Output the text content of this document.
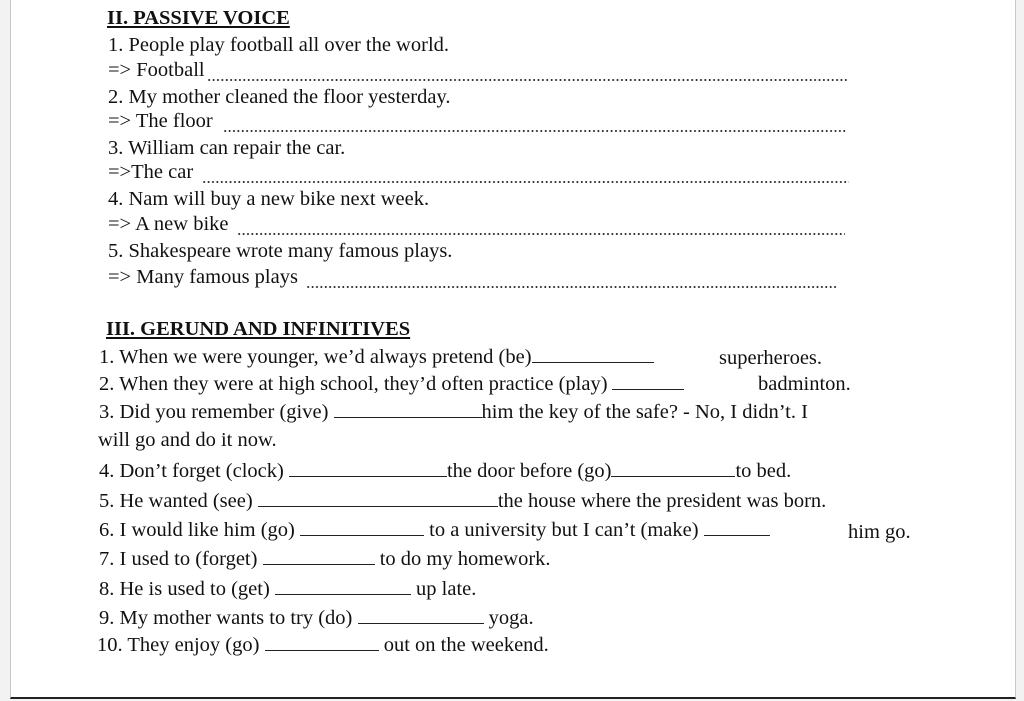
II. PASSIVE VOICE
1. People play football all over the world.
=> Football
2. My mother cleaned the floor yesterday.
=> The floor
3. William can repair the car.
=>The car
4. Nam will buy a new bike next week.
=> A new bike
5. Shakespeare wrote many famous plays.
=> Many famous plays
III. GERUND AND INFINITIVES
1. When we were younger, we’d always pretend (be)	superheroes.
2. When they were at high school, they’d often practice (play)	badminton.
3. Did you remember (give)	him the key of the safe? - No, I didn’t. I
will go and do it now.
4. Don’t forget (clock)	the door before (go)	to bed.
5. He wanted (see)	the house where the president was born.
6. I would like him (go)	to a university but I can’t (make)	him go.
7. I used to (forget)	to do my homework.
8. He is used to (get)	up late.
9. My mother wants to try (do)	yoga.
10. They enjoy (go)	out on the weekend.
